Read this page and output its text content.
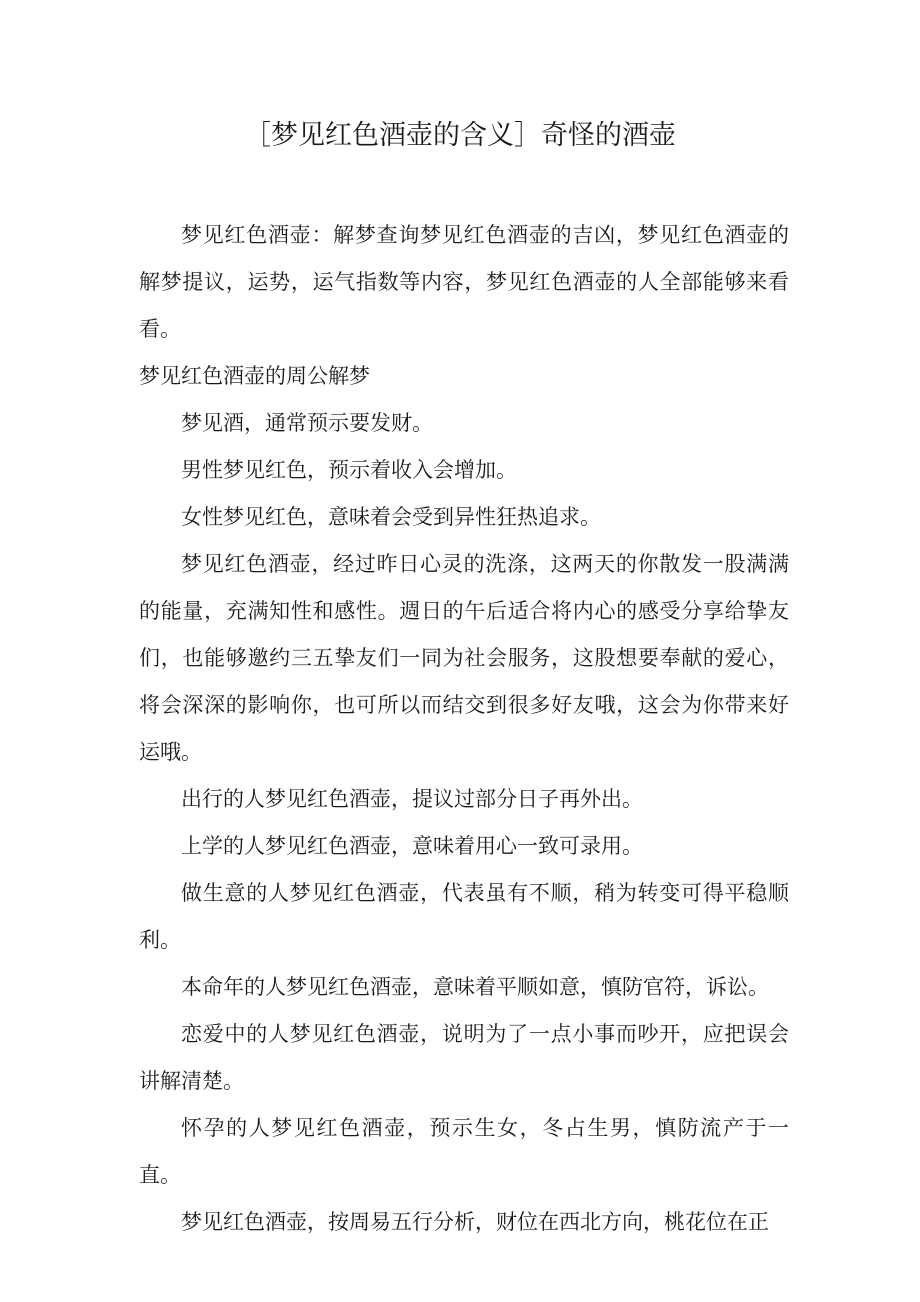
［梦见红色酒壶的含义］奇怪的酒壶

梦见红色酒壶：解梦查询梦见红色酒壶的吉凶，梦见红色酒壶的解梦提议，运势，运气指数等内容，梦见红色酒壶的人全部能够来看看。

梦见红色酒壶的周公解梦

梦见酒，通常预示要发财。

男性梦见红色，预示着收入会增加。

女性梦见红色，意味着会受到异性狂热追求。

梦见红色酒壶，经过昨日心灵的洗涤，这两天的你散发一股满满的能量，充满知性和感性。週日的午后适合将内心的感受分享给挚友们，也能够邀约三五挚友们一同为社会服务，这股想要奉献的爱心，将会深深的影响你，也可所以而结交到很多好友哦，这会为你带来好运哦。

出行的人梦见红色酒壶，提议过部分日子再外出。

上学的人梦见红色酒壶，意味着用心一致可录用。

做生意的人梦见红色酒壶，代表虽有不顺，稍为转变可得平稳顺利。

本命年的人梦见红色酒壶，意味着平顺如意，慎防官符，诉讼。

恋爱中的人梦见红色酒壶，说明为了一点小事而吵开，应把误会讲解清楚。

怀孕的人梦见红色酒壶，预示生女，冬占生男，慎防流产于一直。

梦见红色酒壶，按周易五行分析，财位在西北方向，桃花位在正
